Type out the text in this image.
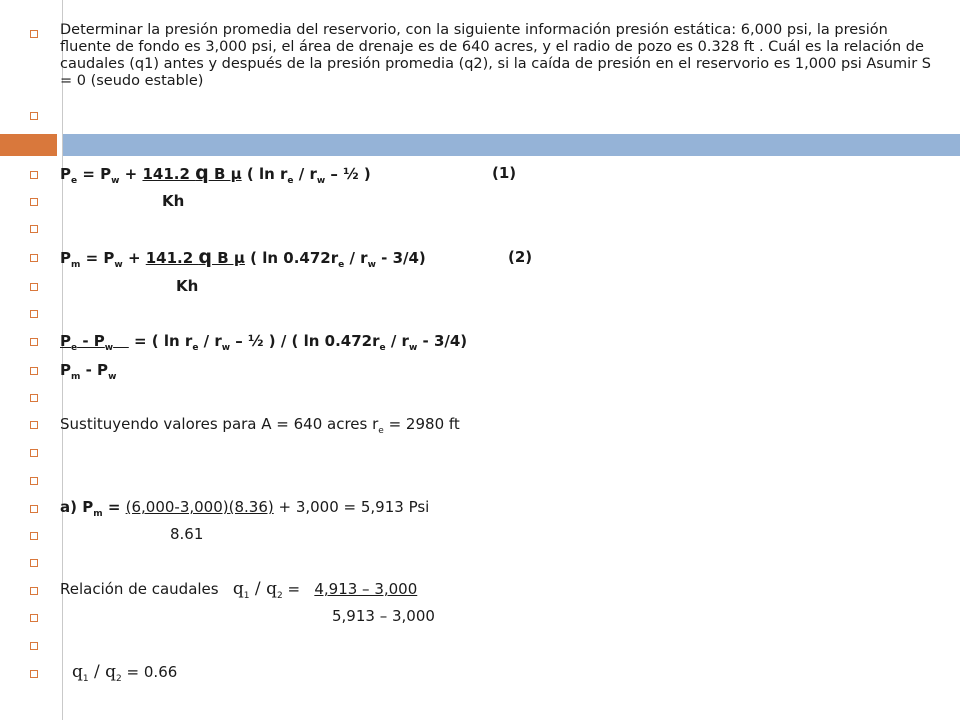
Determinar la presión promedia del reservorio, con la siguiente información presión estática: 6,000 psi, la presión fluente de fondo es 3,000 psi, el área de drenaje es de 640 acres, y el radio de pozo es 0.328 ft . Cuál es la relación de caudales (q1) antes y después de la presión promedia (q2), si la caída de presión en el reservorio es 1,000 psi Asumir S = 0 (seudo estable)
$P_e = P_w + 141.2$ q B μ ( $\ln r_e / r_w$ – ½ )	(1)
Kh
$P_m = P_w + 141.2$ q B μ ( $\ln 0.472r_e / r_w - 3/4$)	(2)
Kh
$P_e - P_w$    = ( $\ln r_e / r_w$ – ½ ) / ( $\ln 0.472r_e / r_w - 3/4$)
$P_m - P_w$
Sustituyendo valores para A = 640 acres $r_e = 2980$ ft
a) $P_m = (6,000-3,000)(8.36) + 3,000 = 5,913$ Psi
8.61
Relación de caudales   $q_1 / q_2 = 4,913 - 3,000$
5,913 – 3,000
$q_1 / q_2 = 0.66$
